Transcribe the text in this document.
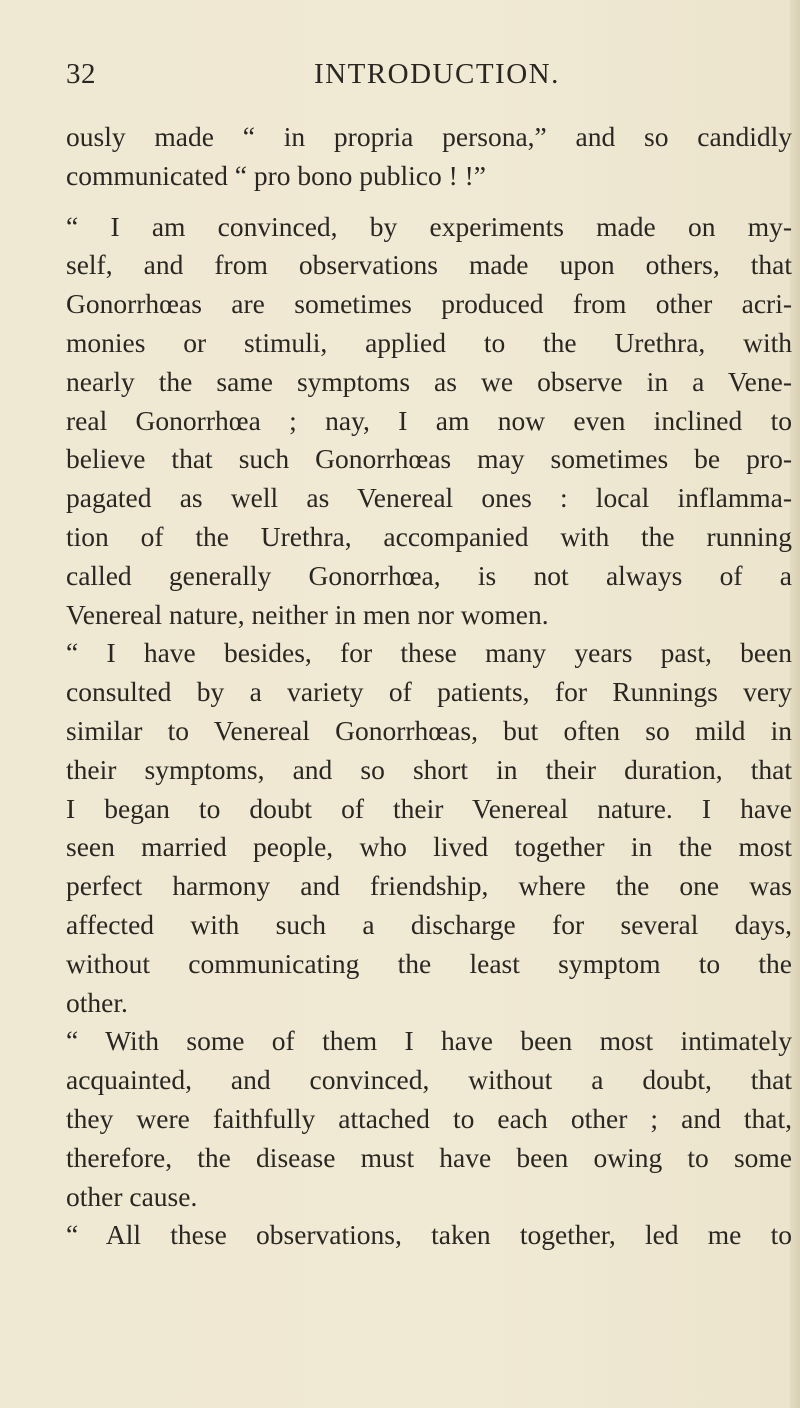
32	INTRODUCTION.
ously made “ in propria persona,” and so candidly
communicated “ pro bono publico ! !”
“ I am convinced, by experiments made on my-
self, and from observations made upon others, that
Gonorrhœas are sometimes produced from other acri-
monies or stimuli, applied to the Urethra, with
nearly the same symptoms as we observe in a Vene-
real Gonorrhœa ; nay, I am now even inclined to
believe that such Gonorrhœas may sometimes be pro-
pagated as well as Venereal ones : local inflamma-
tion of the Urethra, accompanied with the running
called generally Gonorrhœa, is not always of a
Venereal nature, neither in men nor women.
“ I have besides, for these many years past, been
consulted by a variety of patients, for Runnings very
similar to Venereal Gonorrhœas, but often so mild in
their symptoms, and so short in their duration, that
I began to doubt of their Venereal nature. I have
seen married people, who lived together in the most
perfect harmony and friendship, where the one was
affected with such a discharge for several days,
without communicating the least symptom to the
other.
“ With some of them I have been most intimately
acquainted, and convinced, without a doubt, that
they were faithfully attached to each other ; and that,
therefore, the disease must have been owing to some
other cause.
“ All these observations, taken together, led me to
